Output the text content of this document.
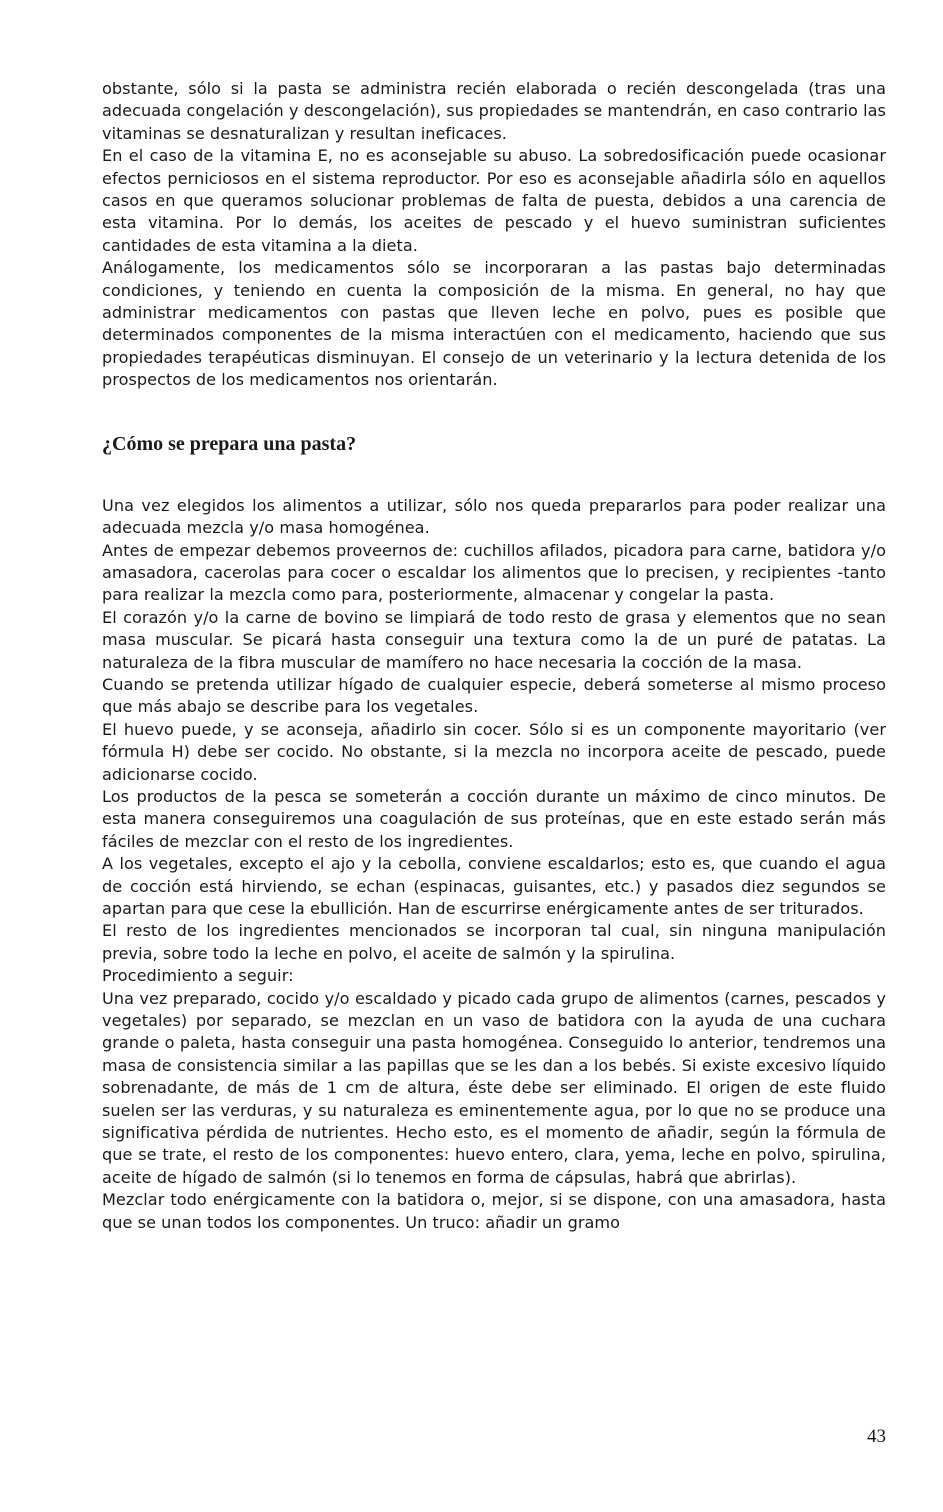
obstante, sólo si la pasta se administra recién elaborada o recién descongelada (tras una adecuada congelación y descongelación), sus propiedades se mantendrán, en caso contrario las vitaminas se desnaturalizan y resultan ineficaces.

En el caso de la vitamina E, no es aconsejable su abuso. La sobredosificación puede ocasionar efectos perniciosos en el sistema reproductor. Por eso es aconsejable añadirla sólo en aquellos casos en que queramos solucionar problemas de falta de puesta, debidos a una carencia de esta vitamina. Por lo demás, los aceites de pescado y el huevo suministran suficientes cantidades de esta vitamina a la dieta.

Análogamente, los medicamentos sólo se incorporaran a las pastas bajo determinadas condiciones, y teniendo en cuenta la composición de la misma. En general, no hay que administrar medicamentos con pastas que lleven leche en polvo, pues es posible que determinados componentes de la misma interactúen con el medicamento, haciendo que sus propiedades terapéuticas disminuyan. El consejo de un veterinario y la lectura detenida de los prospectos de los medicamentos nos orientarán.

¿Cómo se prepara una pasta?

Una vez elegidos los alimentos a utilizar, sólo nos queda prepararlos para poder realizar una adecuada mezcla y/o masa homogénea.

Antes de empezar debemos proveernos de: cuchillos afilados, picadora para carne, batidora y/o amasadora, cacerolas para cocer o escaldar los alimentos que lo precisen, y recipientes -tanto para realizar la mezcla como para, posteriormente, almacenar y congelar la pasta.

El corazón y/o la carne de bovino se limpiará de todo resto de grasa y elementos que no sean masa muscular. Se picará hasta conseguir una textura como la de un puré de patatas. La naturaleza de la fibra muscular de mamífero no hace necesaria la cocción de la masa.

Cuando se pretenda utilizar hígado de cualquier especie, deberá someterse al mismo proceso que más abajo se describe para los vegetales.

El huevo puede, y se aconseja, añadirlo sin cocer. Sólo si es un componente mayoritario (ver fórmula H) debe ser cocido. No obstante, si la mezcla no incorpora aceite de pescado, puede adicionarse cocido.

Los productos de la pesca se someterán a cocción durante un máximo de cinco minutos. De esta manera conseguiremos una coagulación de sus proteínas, que en este estado serán más fáciles de mezclar con el resto de los ingredientes.

A los vegetales, excepto el ajo y la cebolla, conviene escaldarlos; esto es, que cuando el agua de cocción está hirviendo, se echan (espinacas, guisantes, etc.) y pasados diez segundos se apartan para que cese la ebullición. Han de escurrirse enérgicamente antes de ser triturados.

El resto de los ingredientes mencionados se incorporan tal cual, sin ninguna manipulación previa, sobre todo la leche en polvo, el aceite de salmón y la spirulina.

Procedimiento a seguir:

Una vez preparado, cocido y/o escaldado y picado cada grupo de alimentos (carnes, pescados y vegetales) por separado, se mezclan en un vaso de batidora con la ayuda de una cuchara grande o paleta, hasta conseguir una pasta homogénea. Conseguido lo anterior, tendremos una masa de consistencia similar a las papillas que se les dan a los bebés. Si existe excesivo líquido sobrenadante, de más de 1 cm de altura, éste debe ser eliminado. El origen de este fluido suelen ser las verduras, y su naturaleza es eminentemente agua, por lo que no se produce una significativa pérdida de nutrientes. Hecho esto, es el momento de añadir, según la fórmula de que se trate, el resto de los componentes: huevo entero, clara, yema, leche en polvo, spirulina, aceite de hígado de salmón (si lo tenemos en forma de cápsulas, habrá que abrirlas).

Mezclar todo enérgicamente con la batidora o, mejor, si se dispone, con una amasadora, hasta que se unan todos los componentes. Un truco: añadir un gramo

43
